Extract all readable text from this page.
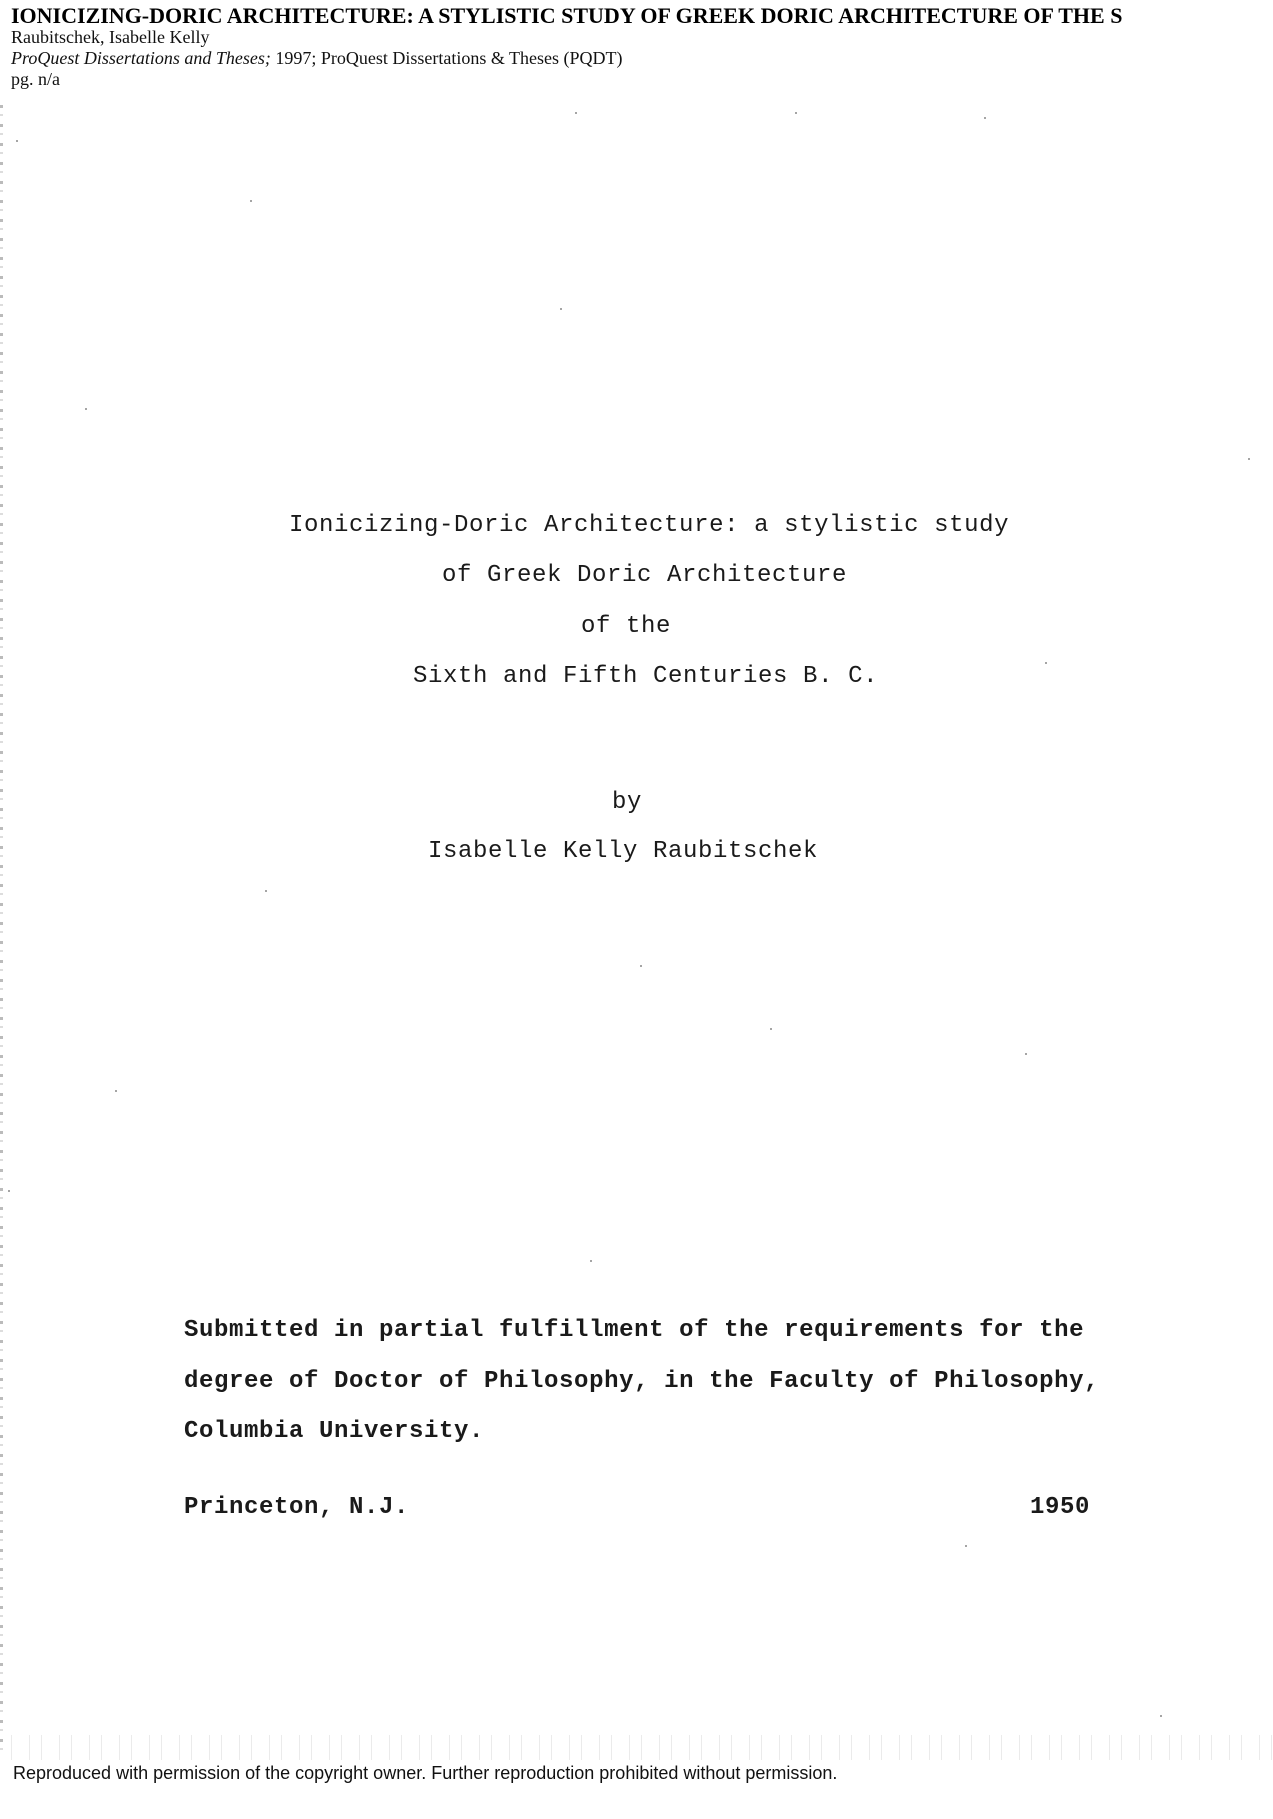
IONICIZING-DORIC ARCHITECTURE: A STYLISTIC STUDY OF GREEK DORIC ARCHITECTURE OF THE S
Raubitschek, Isabelle Kelly
ProQuest Dissertations and Theses; 1997; ProQuest Dissertations & Theses (PQDT)
pg. n/a
Ionicizing-Doric Architecture: a stylistic study
of Greek Doric Architecture
of the
Sixth and Fifth Centuries B. C.
by
Isabelle Kelly Raubitschek
Submitted in partial fulfillment of the requirements for the
degree of Doctor of Philosophy, in the Faculty of Philosophy,
Columbia University.
Princeton, N.J.	1950
Reproduced with permission of the copyright owner. Further reproduction prohibited without permission.
